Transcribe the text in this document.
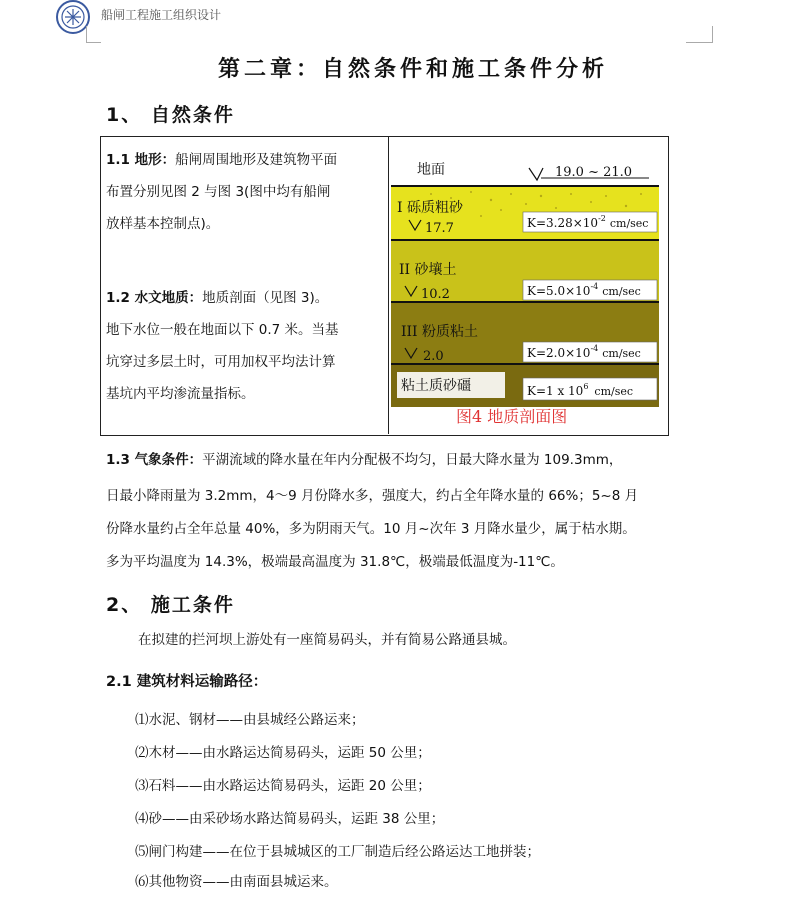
船闸工程施工组织设计
第二章：自然条件和施工条件分析
1、 自然条件

1.1 地形：船闸周围地形及建筑物平面

布置分别见图 2 与图 3(图中均有船闸

放样基本控制点)。

1.2 水文地质：地质剖面（见图 3)。

地下水位一般在地面以下 0.7 米。当基

坑穿过多层土时，可用加权平均法计算

基坑内平均渗流量指标。

地面	19.0 ~ 21.0
I 砾质粗砂
17.7	$K=3.28\times 10^{-2}$ cm/sec
II 砂壤土
10.2	$K=5.0\times 10^{-4}$ cm/sec
III 粉质粘土
2.0	$K=2.0\times 10^{-4}$ cm/sec
粘土质砂礓	K=1 x $10^6$ cm/sec
图4 地质剖面图
1.3 气象条件：平湖流域的降水量在年内分配极不均匀，日最大降水量为 109.3mm，
日最小降雨量为 3.2mm，4～9 月份降水多，强度大，约占全年降水量的 66%；5~8 月
份降水量约占全年总量 40%，多为阴雨天气。10 月~次年 3 月降水量少，属于枯水期。
多为平均温度为 14.3%，极端最高温度为 31.8℃，极端最低温度为-11℃。
2、 施工条件
在拟建的拦河坝上游处有一座简易码头，并有简易公路通县城。
2.1 建筑材料运输路径：
⑴水泥、钢材——由县城经公路运来；
⑵木材——由水路运达简易码头，运距 50 公里；
⑶石料——由水路运达简易码头，运距 20 公里；
⑷砂——由采砂场水路达简易码头，运距 38 公里；
⑸闸门构建——在位于县城城区的工厂制造后经公路运达工地拼装；
⑹其他物资——由南面县城运来。
